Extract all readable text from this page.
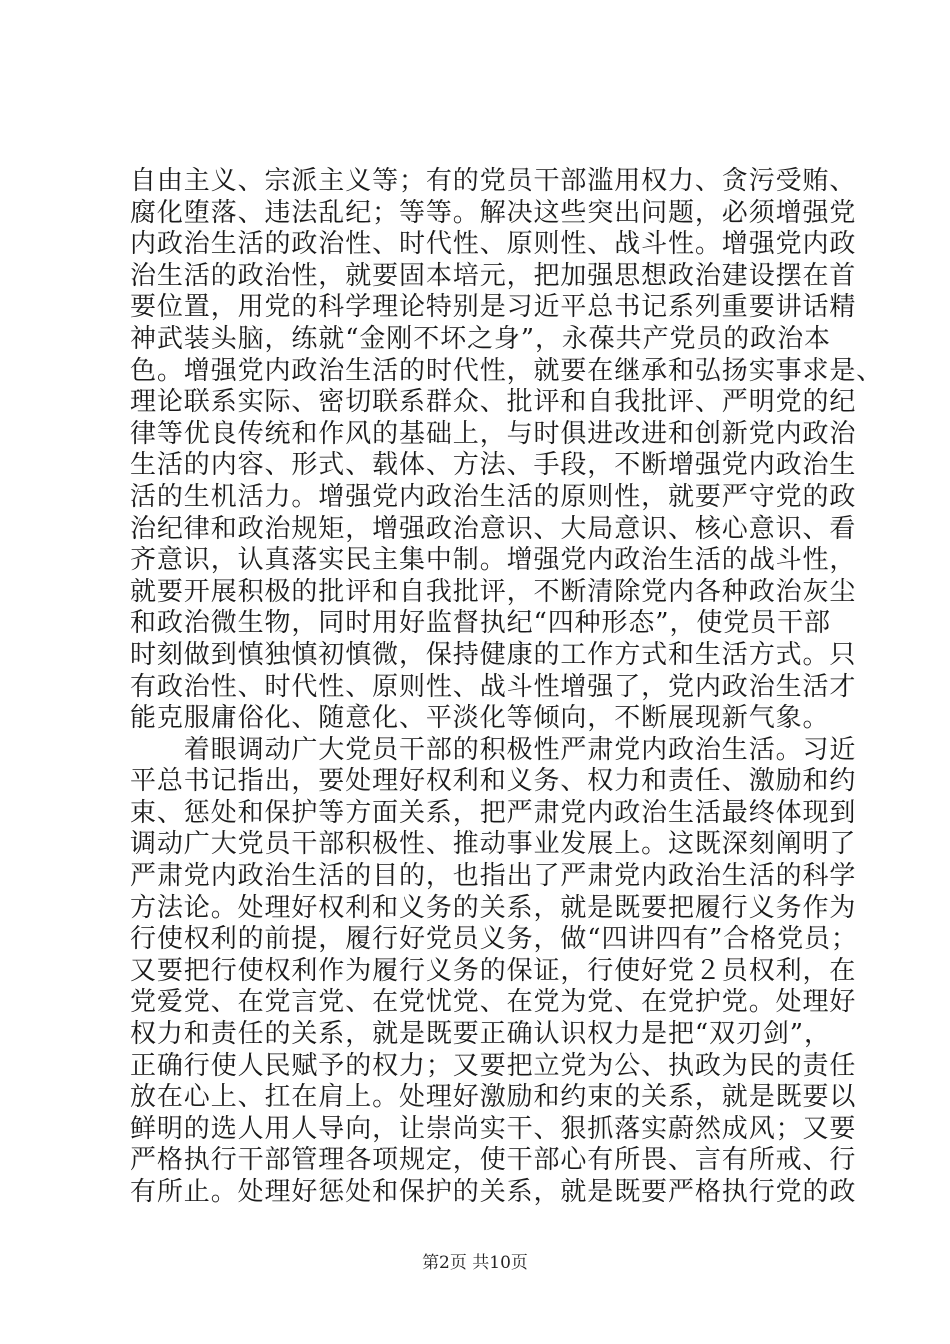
自由主义、宗派主义等；有的党员干部滥用权力、贪污受贿、
腐化堕落、违法乱纪；等等。解决这些突出问题，必须增强党
内政治生活的政治性、时代性、原则性、战斗性。增强党内政
治生活的政治性，就要固本培元，把加强思想政治建设摆在首
要位置，用党的科学理论特别是习近平总书记系列重要讲话精
神武装头脑，练就“金刚不坏之身”，永葆共产党员的政治本
色。增强党内政治生活的时代性，就要在继承和弘扬实事求是、
理论联系实际、密切联系群众、批评和自我批评、严明党的纪
律等优良传统和作风的基础上，与时俱进改进和创新党内政治
生活的内容、形式、载体、方法、手段，不断增强党内政治生
活的生机活力。增强党内政治生活的原则性，就要严守党的政
治纪律和政治规矩，增强政治意识、大局意识、核心意识、看
齐意识，认真落实民主集中制。增强党内政治生活的战斗性，
就要开展积极的批评和自我批评，不断清除党内各种政治灰尘
和政治微生物，同时用好监督执纪“四种形态”，使党员干部
时刻做到慎独慎初慎微，保持健康的工作方式和生活方式。只
有政治性、时代性、原则性、战斗性增强了，党内政治生活才
能克服庸俗化、随意化、平淡化等倾向，不断展现新气象。
　　着眼调动广大党员干部的积极性严肃党内政治生活。习近
平总书记指出，要处理好权利和义务、权力和责任、激励和约
束、惩处和保护等方面关系，把严肃党内政治生活最终体现到
调动广大党员干部积极性、推动事业发展上。这既深刻阐明了
严肃党内政治生活的目的，也指出了严肃党内政治生活的科学
方法论。处理好权利和义务的关系，就是既要把履行义务作为
行使权利的前提，履行好党员义务，做“四讲四有”合格党员；
又要把行使权利作为履行义务的保证，行使好党２员权利，在
党爱党、在党言党、在党忧党、在党为党、在党护党。处理好
权力和责任的关系，就是既要正确认识权力是把“双刃剑”，
正确行使人民赋予的权力；又要把立党为公、执政为民的责任
放在心上、扛在肩上。处理好激励和约束的关系，就是既要以
鲜明的选人用人导向，让崇尚实干、狠抓落实蔚然成风；又要
严格执行干部管理各项规定，使干部心有所畏、言有所戒、行
有所止。处理好惩处和保护的关系，就是既要严格执行党的政
第2页 共10页
